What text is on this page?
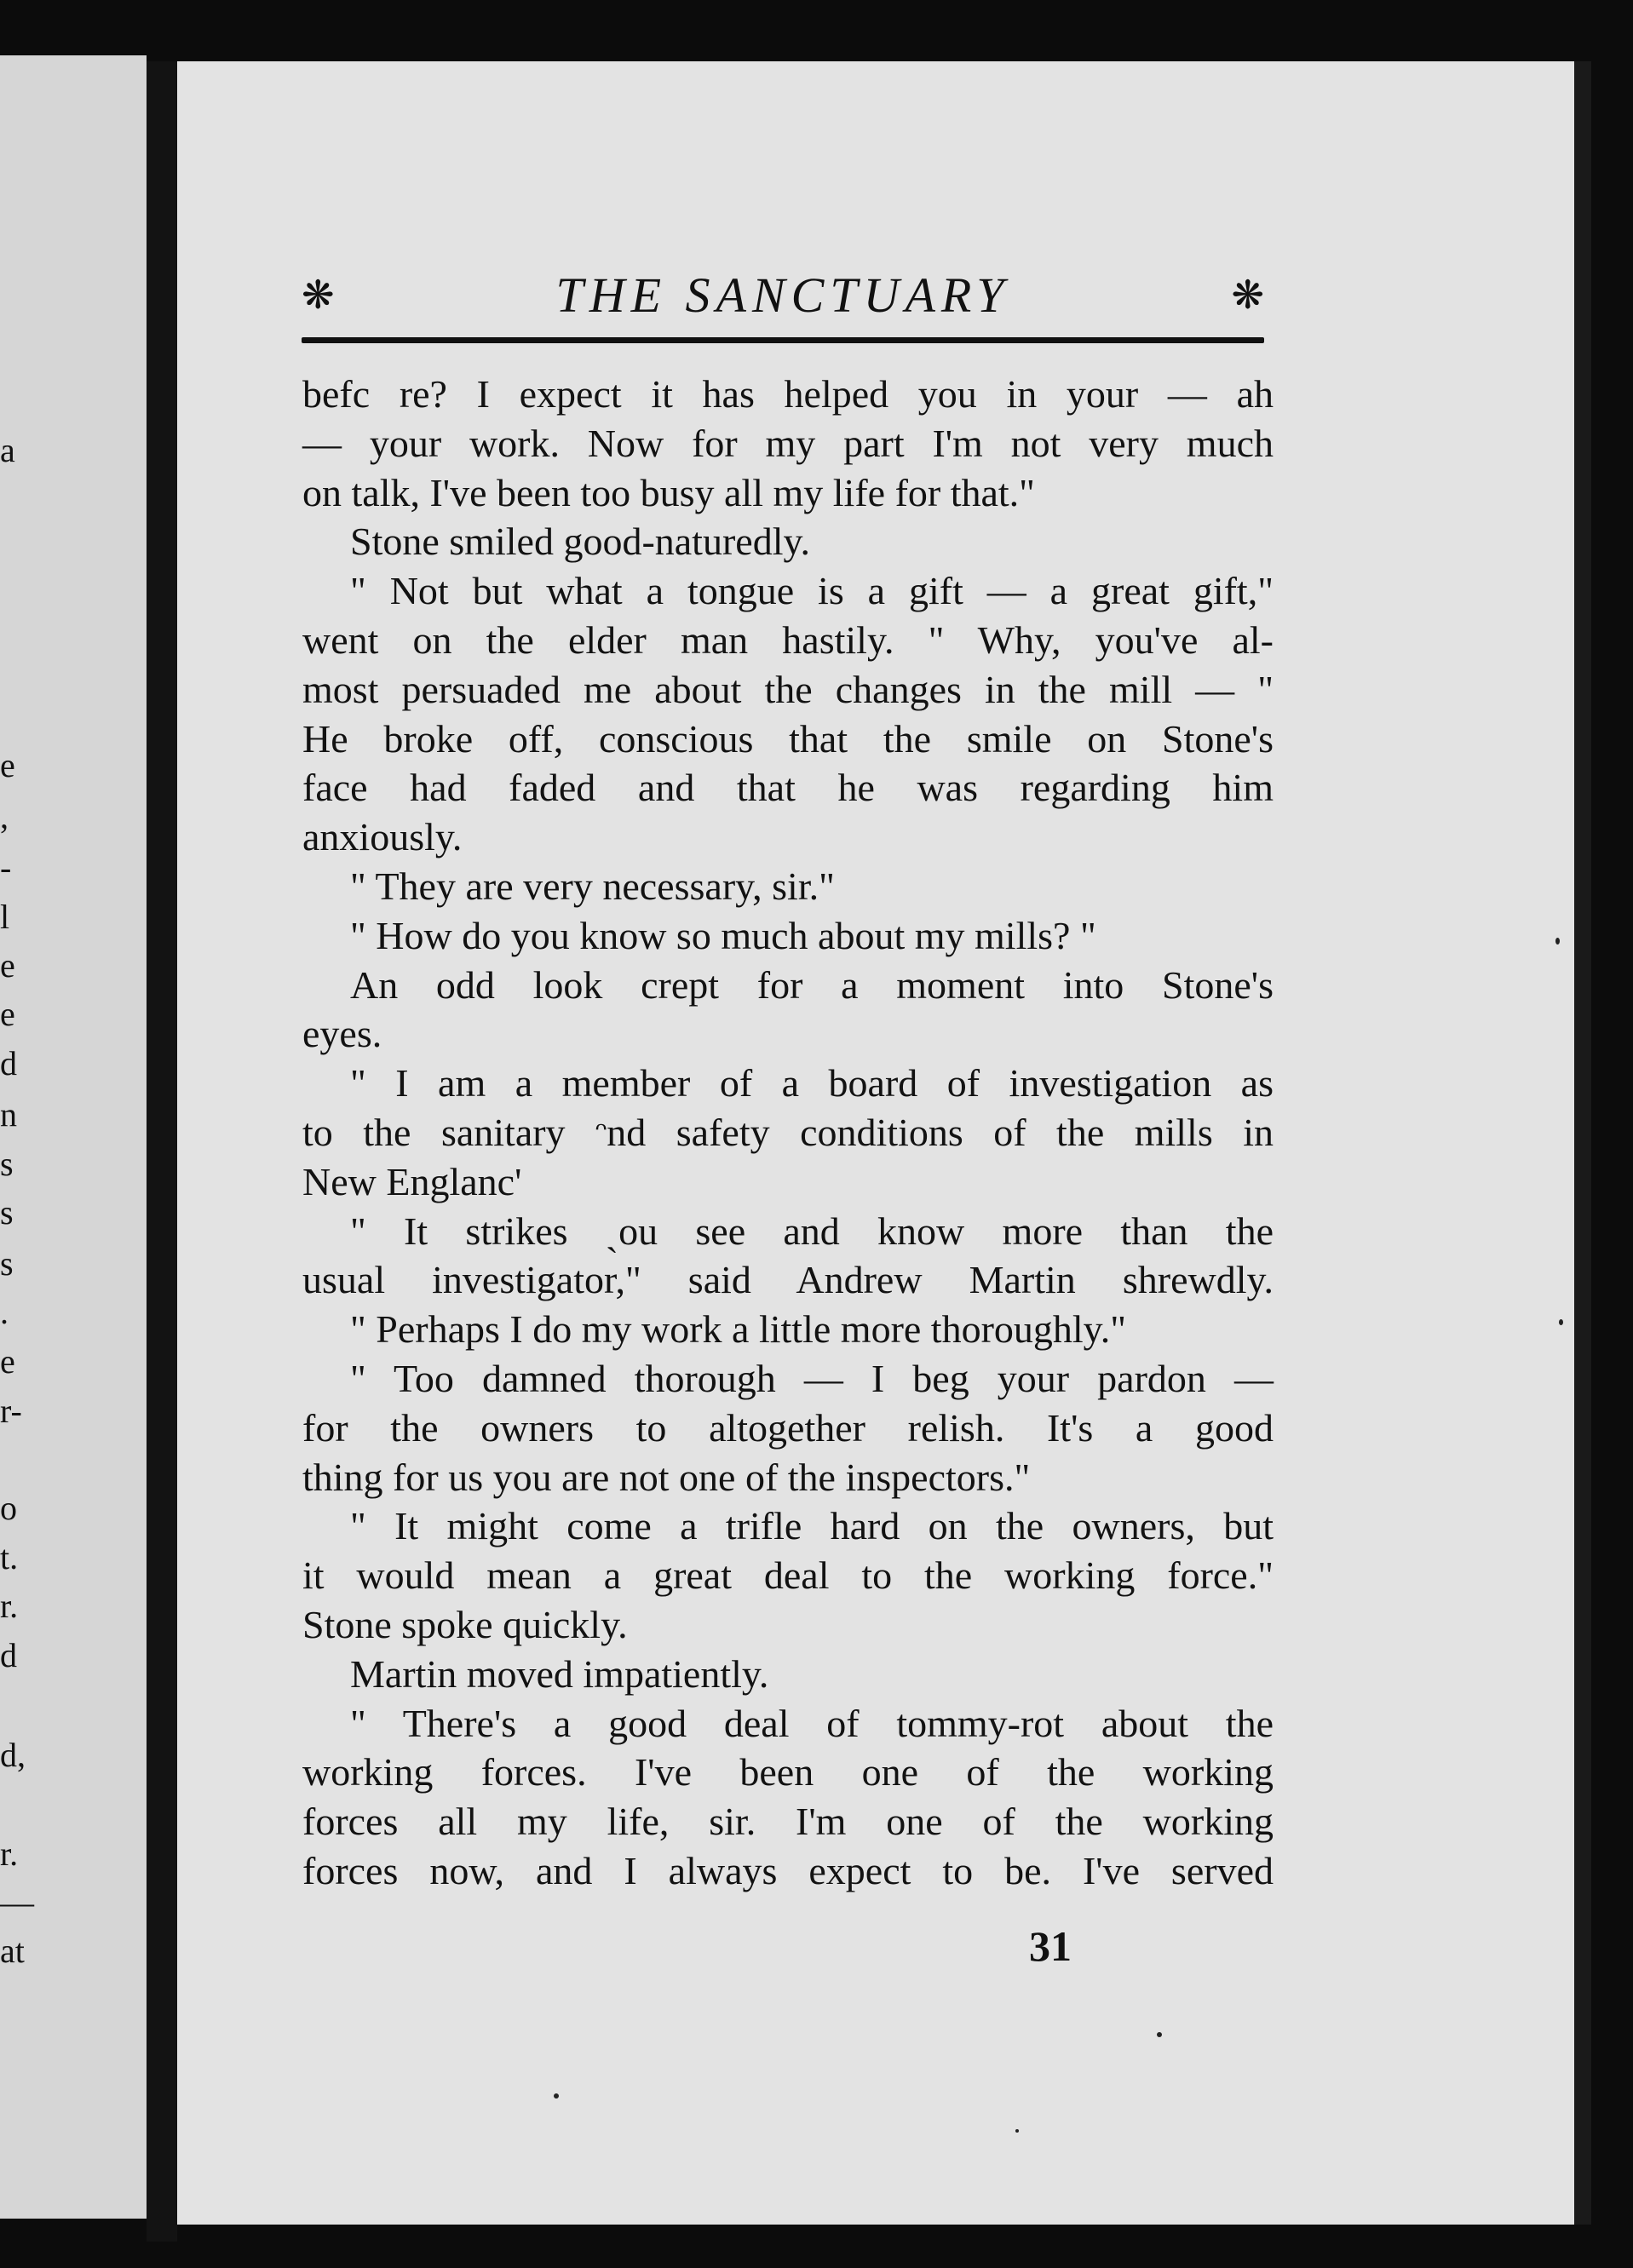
a
e
,
-
l
e
e
d
n
s
s
s
.
e
r-
o
t.
r.
d
d,
r.
—
at
❋	THE SANCTUARY	❋
befc re? I expect it has helped you in your — ah
— your work. Now for my part I'm not very much
on talk, I've been too busy all my life for that."
Stone smiled good-naturedly.
" Not but what a tongue is a gift — a great gift,"
went on the elder man hastily. " Why, you've al-
most persuaded me about the changes in the mill — "
He broke off, conscious that the smile on Stone's
face had faded and that he was regarding him
anxiously.
" They are very necessary, sir."
" How do you know so much about my mills? "
An odd look crept for a moment into Stone's
eyes.
" I am a member of a board of investigation as
to the sanitary ᵔnd safety conditions of the mills in
New Englanc'
" It strikes ˏou see and know more than the
usual investigator," said Andrew Martin shrewdly.
" Perhaps I do my work a little more thoroughly."
" Too damned thorough — I beg your pardon —
for the owners to altogether relish. It's a good
thing for us you are not one of the inspectors."
" It might come a trifle hard on the owners, but
it would mean a great deal to the working force."
Stone spoke quickly.
Martin moved impatiently.
" There's a good deal of tommy-rot about the
working forces. I've been one of the working
forces all my life, sir. I'm one of the working
forces now, and I always expect to be. I've served
31
